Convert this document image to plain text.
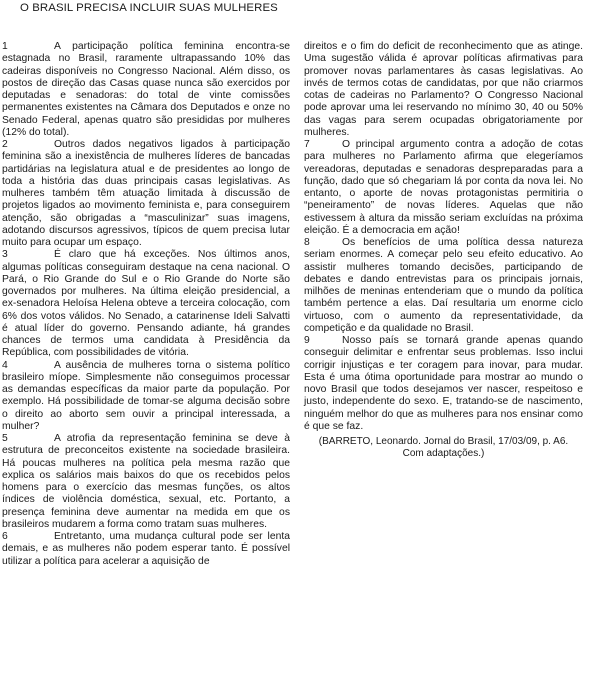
O BRASIL PRECISA INCLUIR SUAS MULHERES

1	A participação política feminina encontra-se estagnada no Brasil, raramente ultrapassando 10% das cadeiras disponíveis no Congresso Nacional. Além disso, os postos de direção das Casas quase nunca são exercidos por deputadas e senadoras: do total de vinte comissões permanentes existentes na Câmara dos Deputados e onze no Senado Federal, apenas quatro são presididas por mulheres (12% do total).

2	Outros dados negativos ligados à participação feminina são a inexistência de mulheres líderes de bancadas partidárias na legislatura atual e de presidentes ao longo de toda a história das duas principais casas legislativas. As mulheres também têm atuação limitada à discussão de projetos ligados ao movimento feminista e, para conseguirem atenção, são obrigadas a “masculinizar” suas imagens, adotando discursos agressivos, típicos de quem precisa lutar muito para ocupar um espaço.

3	É claro que há exceções. Nos últimos anos, algumas políticas conseguiram destaque na cena nacional. O Pará, o Rio Grande do Sul e o Rio Grande do Norte são governados por mulheres. Na última eleição presidencial, a ex-senadora Heloísa Helena obteve a terceira colocação, com 6% dos votos válidos. No Senado, a catarinense Ideli Salvatti é atual líder do governo. Pensando adiante, há grandes chances de termos uma candidata à Presidência da República, com possibilidades de vitória.

4	A ausência de mulheres torna o sistema político brasileiro míope. Simplesmente não conseguimos processar as demandas específicas da maior parte da população. Por exemplo. Há possibilidade de tomar-se alguma decisão sobre o direito ao aborto sem ouvir a principal interessada, a mulher?

5	A atrofia da representação feminina se deve à estrutura de preconceitos existente na sociedade brasileira. Há poucas mulheres na política pela mesma razão que explica os salários mais baixos do que os recebidos pelos homens para o exercício das mesmas funções, os altos índices de violência doméstica, sexual, etc. Portanto, a presença feminina deve aumentar na medida em que os brasileiros mudarem a forma como tratam suas mulheres.

6	Entretanto, uma mudança cultural pode ser lenta demais, e as mulheres não podem esperar tanto. É possível utilizar a política para acelerar a aquisição de

direitos e o fim do deficit de reconhecimento que as atinge. Uma sugestão válida é aprovar políticas afirmativas para promover novas parlamentares às casas legislativas. Ao invés de termos cotas de candidatas, por que não criarmos cotas de cadeiras no Parlamento? O Congresso Nacional pode aprovar uma lei reservando no mínimo 30, 40 ou 50% das vagas para serem ocupadas obrigatoriamente por mulheres.

7	O principal argumento contra a adoção de cotas para mulheres no Parlamento afirma que elegeríamos vereadoras, deputadas e senadoras despreparadas para a função, dado que só chegariam lá por conta da nova lei. No entanto, o aporte de novas protagonistas permitiria o “peneiramento” de novas líderes. Aquelas que não estivessem à altura da missão seriam excluídas na próxima eleição. É a democracia em ação!

8	Os benefícios de uma política dessa natureza seriam enormes. A começar pelo seu efeito educativo. Ao assistir mulheres tomando decisões, participando de debates e dando entrevistas para os principais jornais, milhões de meninas entenderiam que o mundo da política também pertence a elas. Daí resultaria um enorme ciclo virtuoso, com o aumento da representatividade, da competição e da qualidade no Brasil.

9	Nosso país se tornará grande apenas quando conseguir delimitar e enfrentar seus problemas. Isso inclui corrigir injustiças e ter coragem para inovar, para mudar. Esta é uma ótima oportunidade para mostrar ao mundo o novo Brasil que todos desejamos ver nascer, respeitoso e justo, independente do sexo. E, tratando-se de nascimento, ninguém melhor do que as mulheres para nos ensinar como é que se faz.

(BARRETO, Leonardo. Jornal do Brasil, 17/03/09, p. A6.
Com adaptações.)
